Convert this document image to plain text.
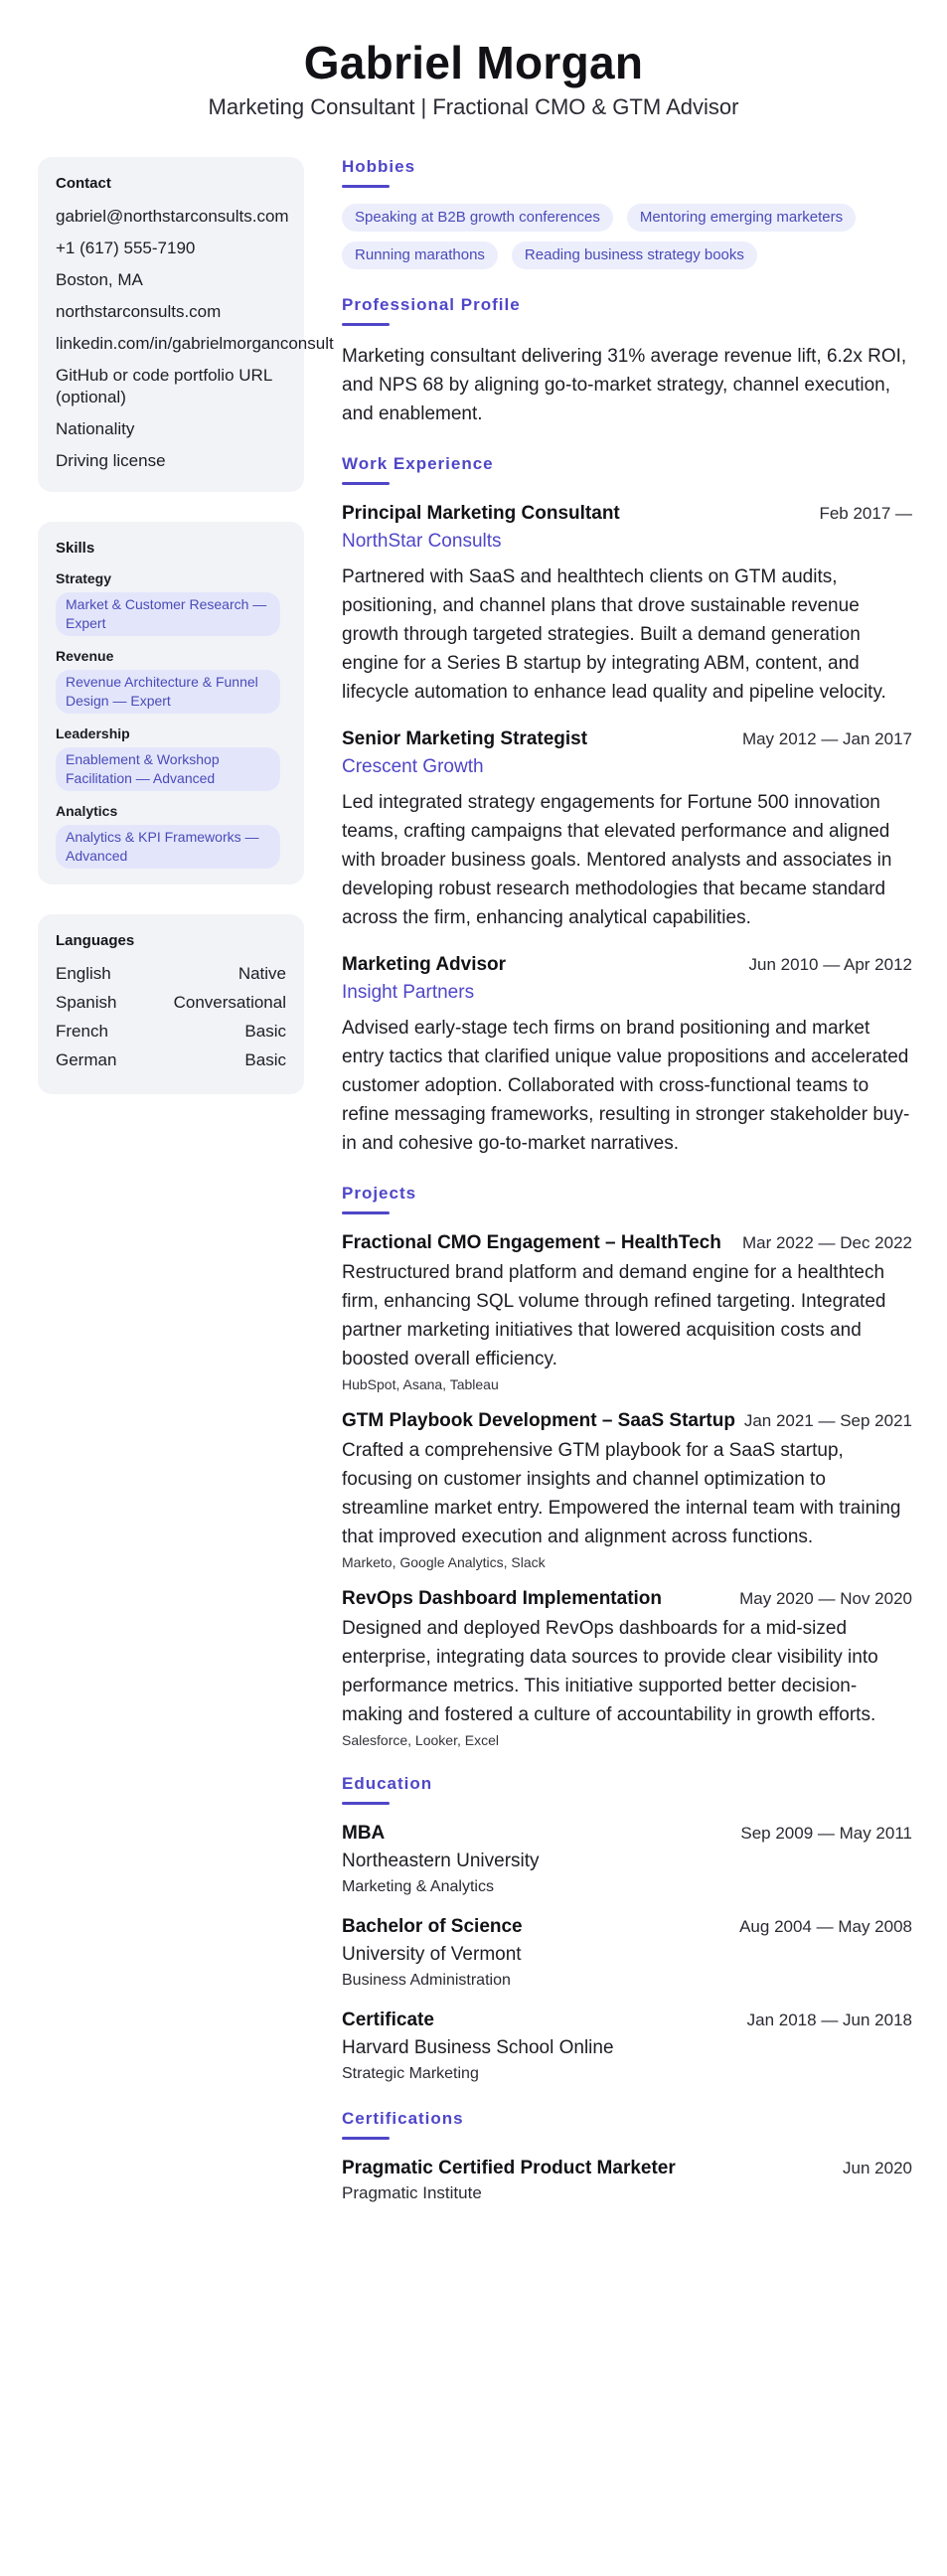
Gabriel Morgan
Marketing Consultant | Fractional CMO & GTM Advisor
Contact
gabriel@northstarconsults.com
+1 (617) 555-7190
Boston, MA
northstarconsults.com
linkedin.com/in/gabrielmorganconsult
GitHub or code portfolio URL (optional)
Nationality
Driving license
Skills
Strategy
Market & Customer Research — Expert
Revenue
Revenue Architecture & Funnel Design — Expert
Leadership
Enablement & Workshop Facilitation — Advanced
Analytics
Analytics & KPI Frameworks — Advanced
Languages
English	Native
Spanish	Conversational
French	Basic
German	Basic
Hobbies
Speaking at B2B growth conferences	Mentoring emerging marketers
Running marathons	Reading business strategy books
Professional Profile

Marketing consultant delivering 31% average revenue lift, 6.2x ROI, and NPS 68 by aligning go-to-market strategy, channel execution, and enablement.

Work Experience
Principal Marketing Consultant	Feb 2017 —
NorthStar Consults

Partnered with SaaS and healthtech clients on GTM audits, positioning, and channel plans that drove sustainable revenue growth through targeted strategies. Built a demand generation engine for a Series B startup by integrating ABM, content, and lifecycle automation to enhance lead quality and pipeline velocity.

Senior Marketing Strategist	May 2012 — Jan 2017
Crescent Growth

Led integrated strategy engagements for Fortune 500 innovation teams, crafting campaigns that elevated performance and aligned with broader business goals. Mentored analysts and associates in developing robust research methodologies that became standard across the firm, enhancing analytical capabilities.

Marketing Advisor	Jun 2010 — Apr 2012
Insight Partners

Advised early-stage tech firms on brand positioning and market entry tactics that clarified unique value propositions and accelerated customer adoption. Collaborated with cross-functional teams to refine messaging frameworks, resulting in stronger stakeholder buy-in and cohesive go-to-market narratives.

Projects
Fractional CMO Engagement – HealthTech Mar 2022 — Dec 2022

Restructured brand platform and demand engine for a healthtech firm, enhancing SQL volume through refined targeting. Integrated partner marketing initiatives that lowered acquisition costs and boosted overall efficiency.

HubSpot, Asana, Tableau
GTM Playbook Development – SaaS Startup Jan 2021 — Sep 2021

Crafted a comprehensive GTM playbook for a SaaS startup, focusing on customer insights and channel optimization to streamline market entry. Empowered the internal team with training that improved execution and alignment across functions.

Marketo, Google Analytics, Slack
RevOps Dashboard Implementation	May 2020 — Nov 2020

Designed and deployed RevOps dashboards for a mid-sized enterprise, integrating data sources to provide clear visibility into performance metrics. This initiative supported better decision-making and fostered a culture of accountability in growth efforts.

Salesforce, Looker, Excel
Education
MBA	Sep 2009 — May 2011
Northeastern University
Marketing & Analytics
Bachelor of Science	Aug 2004 — May 2008
University of Vermont
Business Administration
Certificate	Jan 2018 — Jun 2018
Harvard Business School Online
Strategic Marketing
Certifications
Pragmatic Certified Product Marketer	Jun 2020
Pragmatic Institute
